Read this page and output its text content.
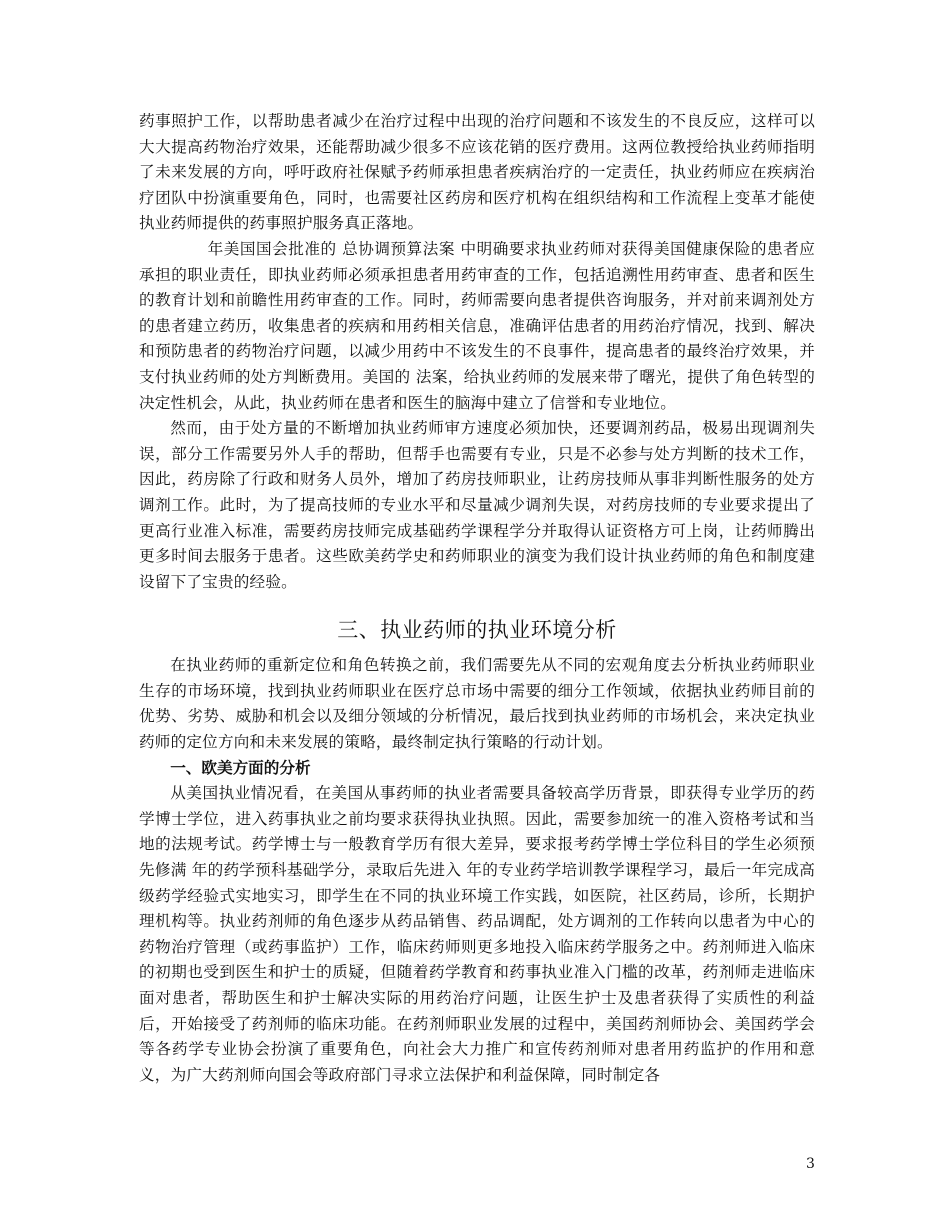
药事照护工作，以帮助患者减少在治疗过程中出现的治疗问题和不该发生的不良反应，这样可以大大提高药物治疗效果，还能帮助减少很多不应该花销的医疗费用。这两位教授给执业药师指明了未来发展的方向，呼吁政府社保赋予药师承担患者疾病治疗的一定责任，执业药师应在疾病治疗团队中扮演重要角色，同时，也需要社区药房和医疗机构在组织结构和工作流程上变革才能使执业药师提供的药事照护服务真正落地。

年美国国会批准的 总协调预算法案 中明确要求执业药师对获得美国健康保险的患者应承担的职业责任，即执业药师必须承担患者用药审查的工作，包括追溯性用药审查、患者和医生的教育计划和前瞻性用药审查的工作。同时，药师需要向患者提供咨询服务，并对前来调剂处方的患者建立药历，收集患者的疾病和用药相关信息，准确评估患者的用药治疗情况，找到、解决和预防患者的药物治疗问题，以减少用药中不该发生的不良事件，提高患者的最终治疗效果，并支付执业药师的处方判断费用。美国的 法案，给执业药师的发展来带了曙光，提供了角色转型的决定性机会，从此，执业药师在患者和医生的脑海中建立了信誉和专业地位。

然而，由于处方量的不断增加执业药师审方速度必须加快，还要调剂药品，极易出现调剂失误，部分工作需要另外人手的帮助，但帮手也需要有专业，只是不必参与处方判断的技术工作，因此，药房除了行政和财务人员外，增加了药房技师职业，让药房技师从事非判断性服务的处方调剂工作。此时，为了提高技师的专业水平和尽量减少调剂失误，对药房技师的专业要求提出了更高行业准入标准，需要药房技师完成基础药学课程学分并取得认证资格方可上岗，让药师腾出更多时间去服务于患者。这些欧美药学史和药师职业的演变为我们设计执业药师的角色和制度建设留下了宝贵的经验。

三、执业药师的执业环境分析

在执业药师的重新定位和角色转换之前，我们需要先从不同的宏观角度去分析执业药师职业生存的市场环境，找到执业药师职业在医疗总市场中需要的细分工作领域，依据执业药师目前的优势、劣势、威胁和机会以及细分领域的分析情况，最后找到执业药师的市场机会，来决定执业药师的定位方向和未来发展的策略，最终制定执行策略的行动计划。

一、欧美方面的分析

从美国执业情况看，在美国从事药师的执业者需要具备较高学历背景，即获得专业学历的药学博士学位，进入药事执业之前均要求获得执业执照。因此，需要参加统一的准入资格考试和当地的法规考试。药学博士与一般教育学历有很大差异，要求报考药学博士学位科目的学生必须预先修满 年的药学预科基础学分，录取后先进入 年的专业药学培训教学课程学习，最后一年完成高级药学经验式实地实习，即学生在不同的执业环境工作实践，如医院，社区药局，诊所，长期护理机构等。执业药剂师的角色逐步从药品销售、药品调配，处方调剂的工作转向以患者为中心的药物治疗管理（或药事监护）工作，临床药师则更多地投入临床药学服务之中。药剂师进入临床的初期也受到医生和护士的质疑，但随着药学教育和药事执业准入门槛的改革，药剂师走进临床面对患者，帮助医生和护士解决实际的用药治疗问题，让医生护士及患者获得了实质性的利益后，开始接受了药剂师的临床功能。在药剂师职业发展的过程中，美国药剂师协会、美国药学会等各药学专业协会扮演了重要角色，向社会大力推广和宣传药剂师对患者用药监护的作用和意义，为广大药剂师向国会等政府部门寻求立法保护和利益保障，同时制定各

3
